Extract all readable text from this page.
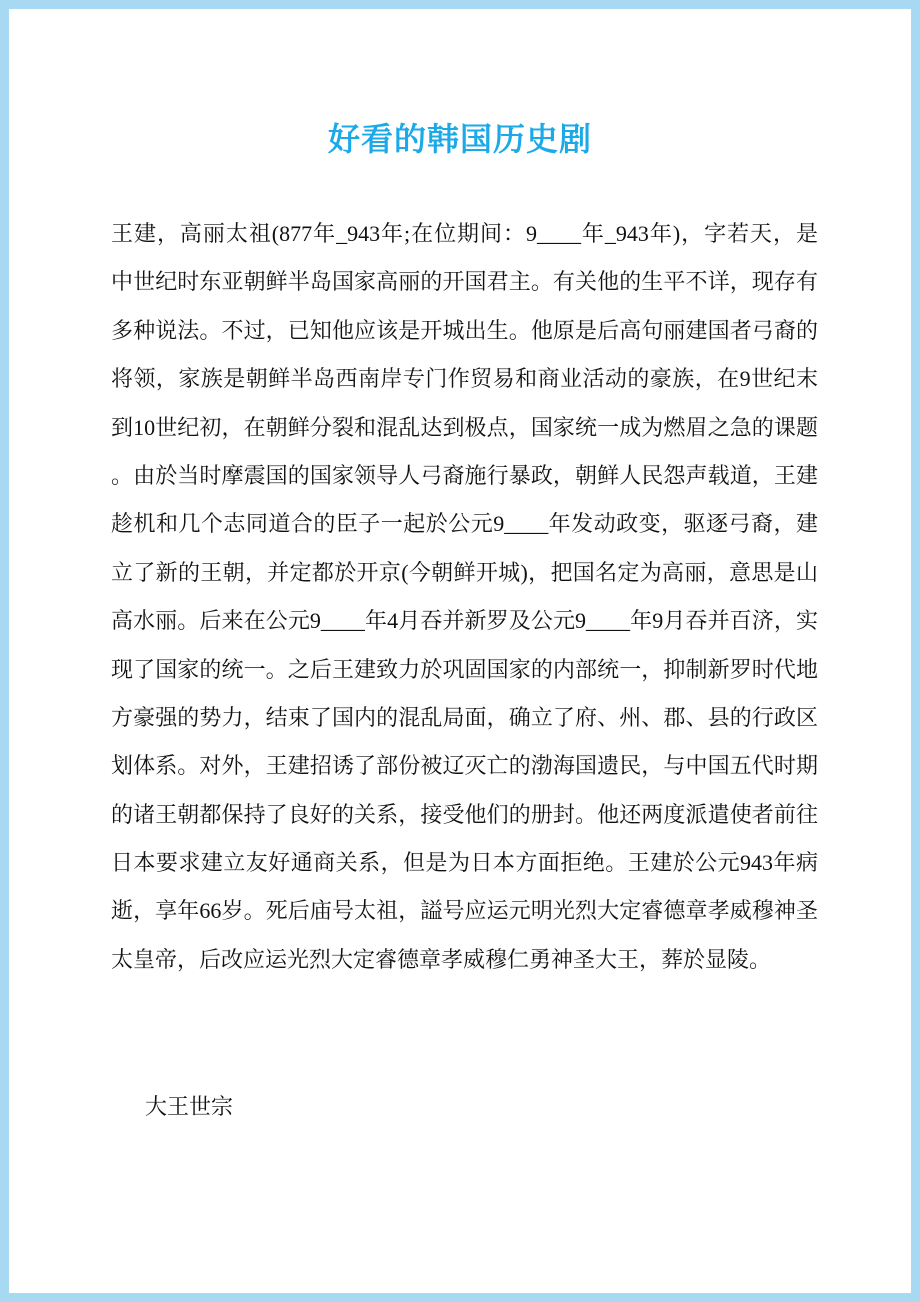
好看的韩国历史剧
王建，高丽太祖(877年_943年;在位期间：9____年_943年)，字若天，是
中世纪时东亚朝鲜半岛国家高丽的开国君主。有关他的生平不详，现存有
多种说法。不过，已知他应该是开城出生。他原是后高句丽建国者弓裔的
将领，家族是朝鲜半岛西南岸专门作贸易和商业活动的豪族，在9世纪末
到10世纪初，在朝鲜分裂和混乱达到极点，国家统一成为燃眉之急的课题
。由於当时摩震国的国家领导人弓裔施行暴政，朝鲜人民怨声载道，王建
趁机和几个志同道合的臣子一起於公元9____年发动政变，驱逐弓裔，建
立了新的王朝，并定都於开京(今朝鲜开城)，把国名定为高丽，意思是山
高水丽。后来在公元9____年4月吞并新罗及公元9____年9月吞并百济，实
现了国家的统一。之后王建致力於巩固国家的内部统一，抑制新罗时代地
方豪强的势力，结束了国内的混乱局面，确立了府、州、郡、县的行政区
划体系。对外，王建招诱了部份被辽灭亡的渤海国遗民，与中国五代时期
的诸王朝都保持了良好的关系，接受他们的册封。他还两度派遣使者前往
日本要求建立友好通商关系，但是为日本方面拒绝。王建於公元943年病
逝，享年66岁。死后庙号太祖，謚号应运元明光烈大定睿德章孝威穆神圣
太皇帝，后改应运光烈大定睿德章孝威穆仁勇神圣大王，葬於显陵。
大王世宗
